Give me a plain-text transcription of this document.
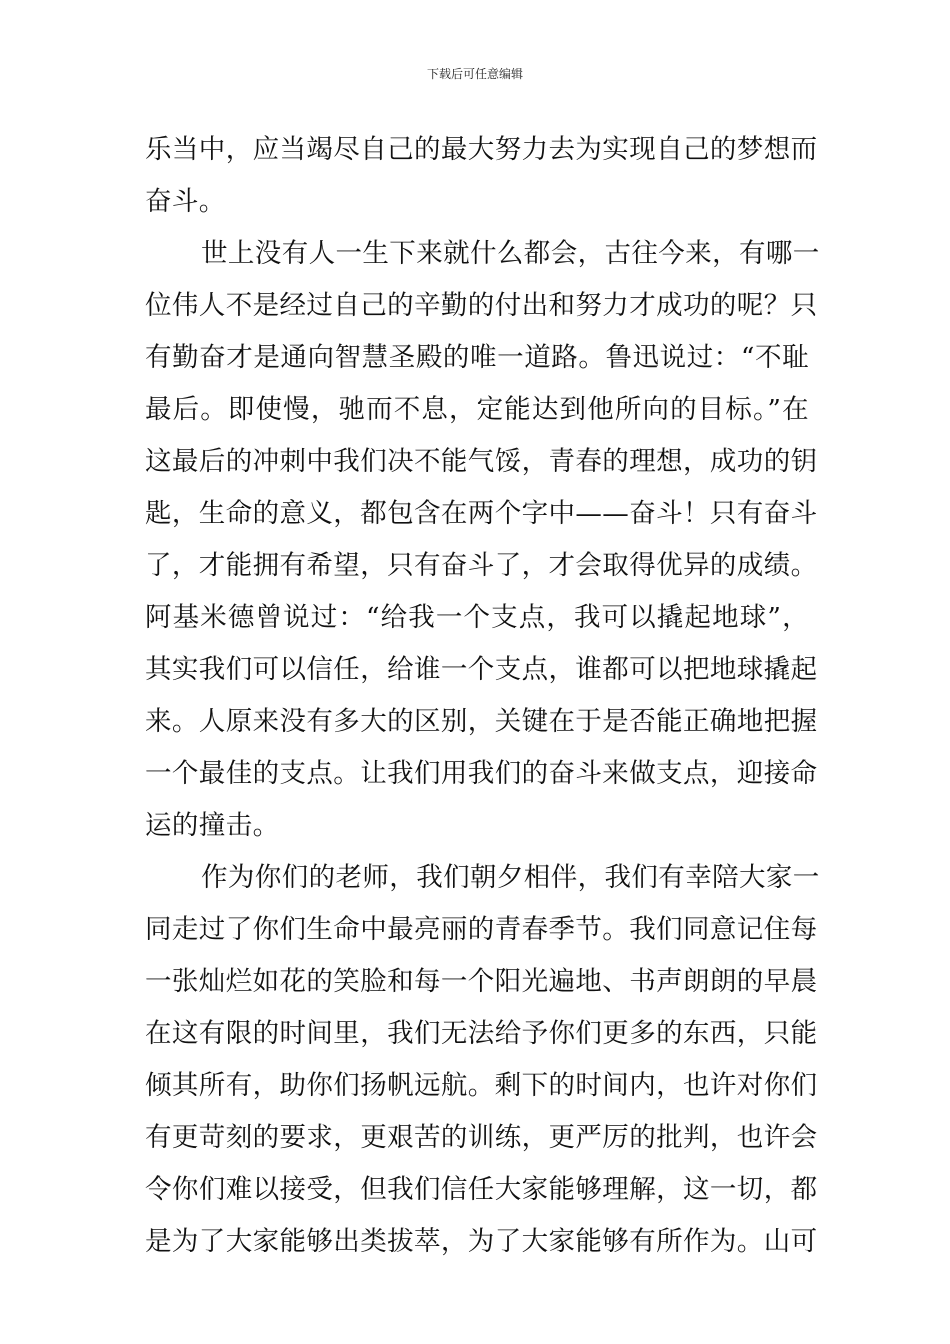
下载后可任意编辑
乐当中，应当竭尽自己的最大努力去为实现自己的梦想而
奋斗。
世上没有人一生下来就什么都会，古往今来，有哪一
位伟人不是经过自己的辛勤的付出和努力才成功的呢？只
有勤奋才是通向智慧圣殿的唯一道路。鲁迅说过：“不耻
最后。即使慢，驰而不息，定能达到他所向的目标。”在
这最后的冲刺中我们决不能气馁，青春的理想，成功的钥
匙，生命的意义，都包含在两个字中——奋斗！只有奋斗
了，才能拥有希望，只有奋斗了，才会取得优异的成绩。
阿基米德曾说过：“给我一个支点，我可以撬起地球”，
其实我们可以信任，给谁一个支点，谁都可以把地球撬起
来。人原来没有多大的区别，关键在于是否能正确地把握
一个最佳的支点。让我们用我们的奋斗来做支点，迎接命
运的撞击。
作为你们的老师，我们朝夕相伴，我们有幸陪大家一
同走过了你们生命中最亮丽的青春季节。我们同意记住每
一张灿烂如花的笑脸和每一个阳光遍地、书声朗朗的早晨
在这有限的时间里，我们无法给予你们更多的东西，只能
倾其所有，助你们扬帆远航。剩下的时间内，也许对你们
有更苛刻的要求，更艰苦的训练，更严厉的批判，也许会
令你们难以接受，但我们信任大家能够理解，这一切，都
是为了大家能够出类拔萃，为了大家能够有所作为。山可
